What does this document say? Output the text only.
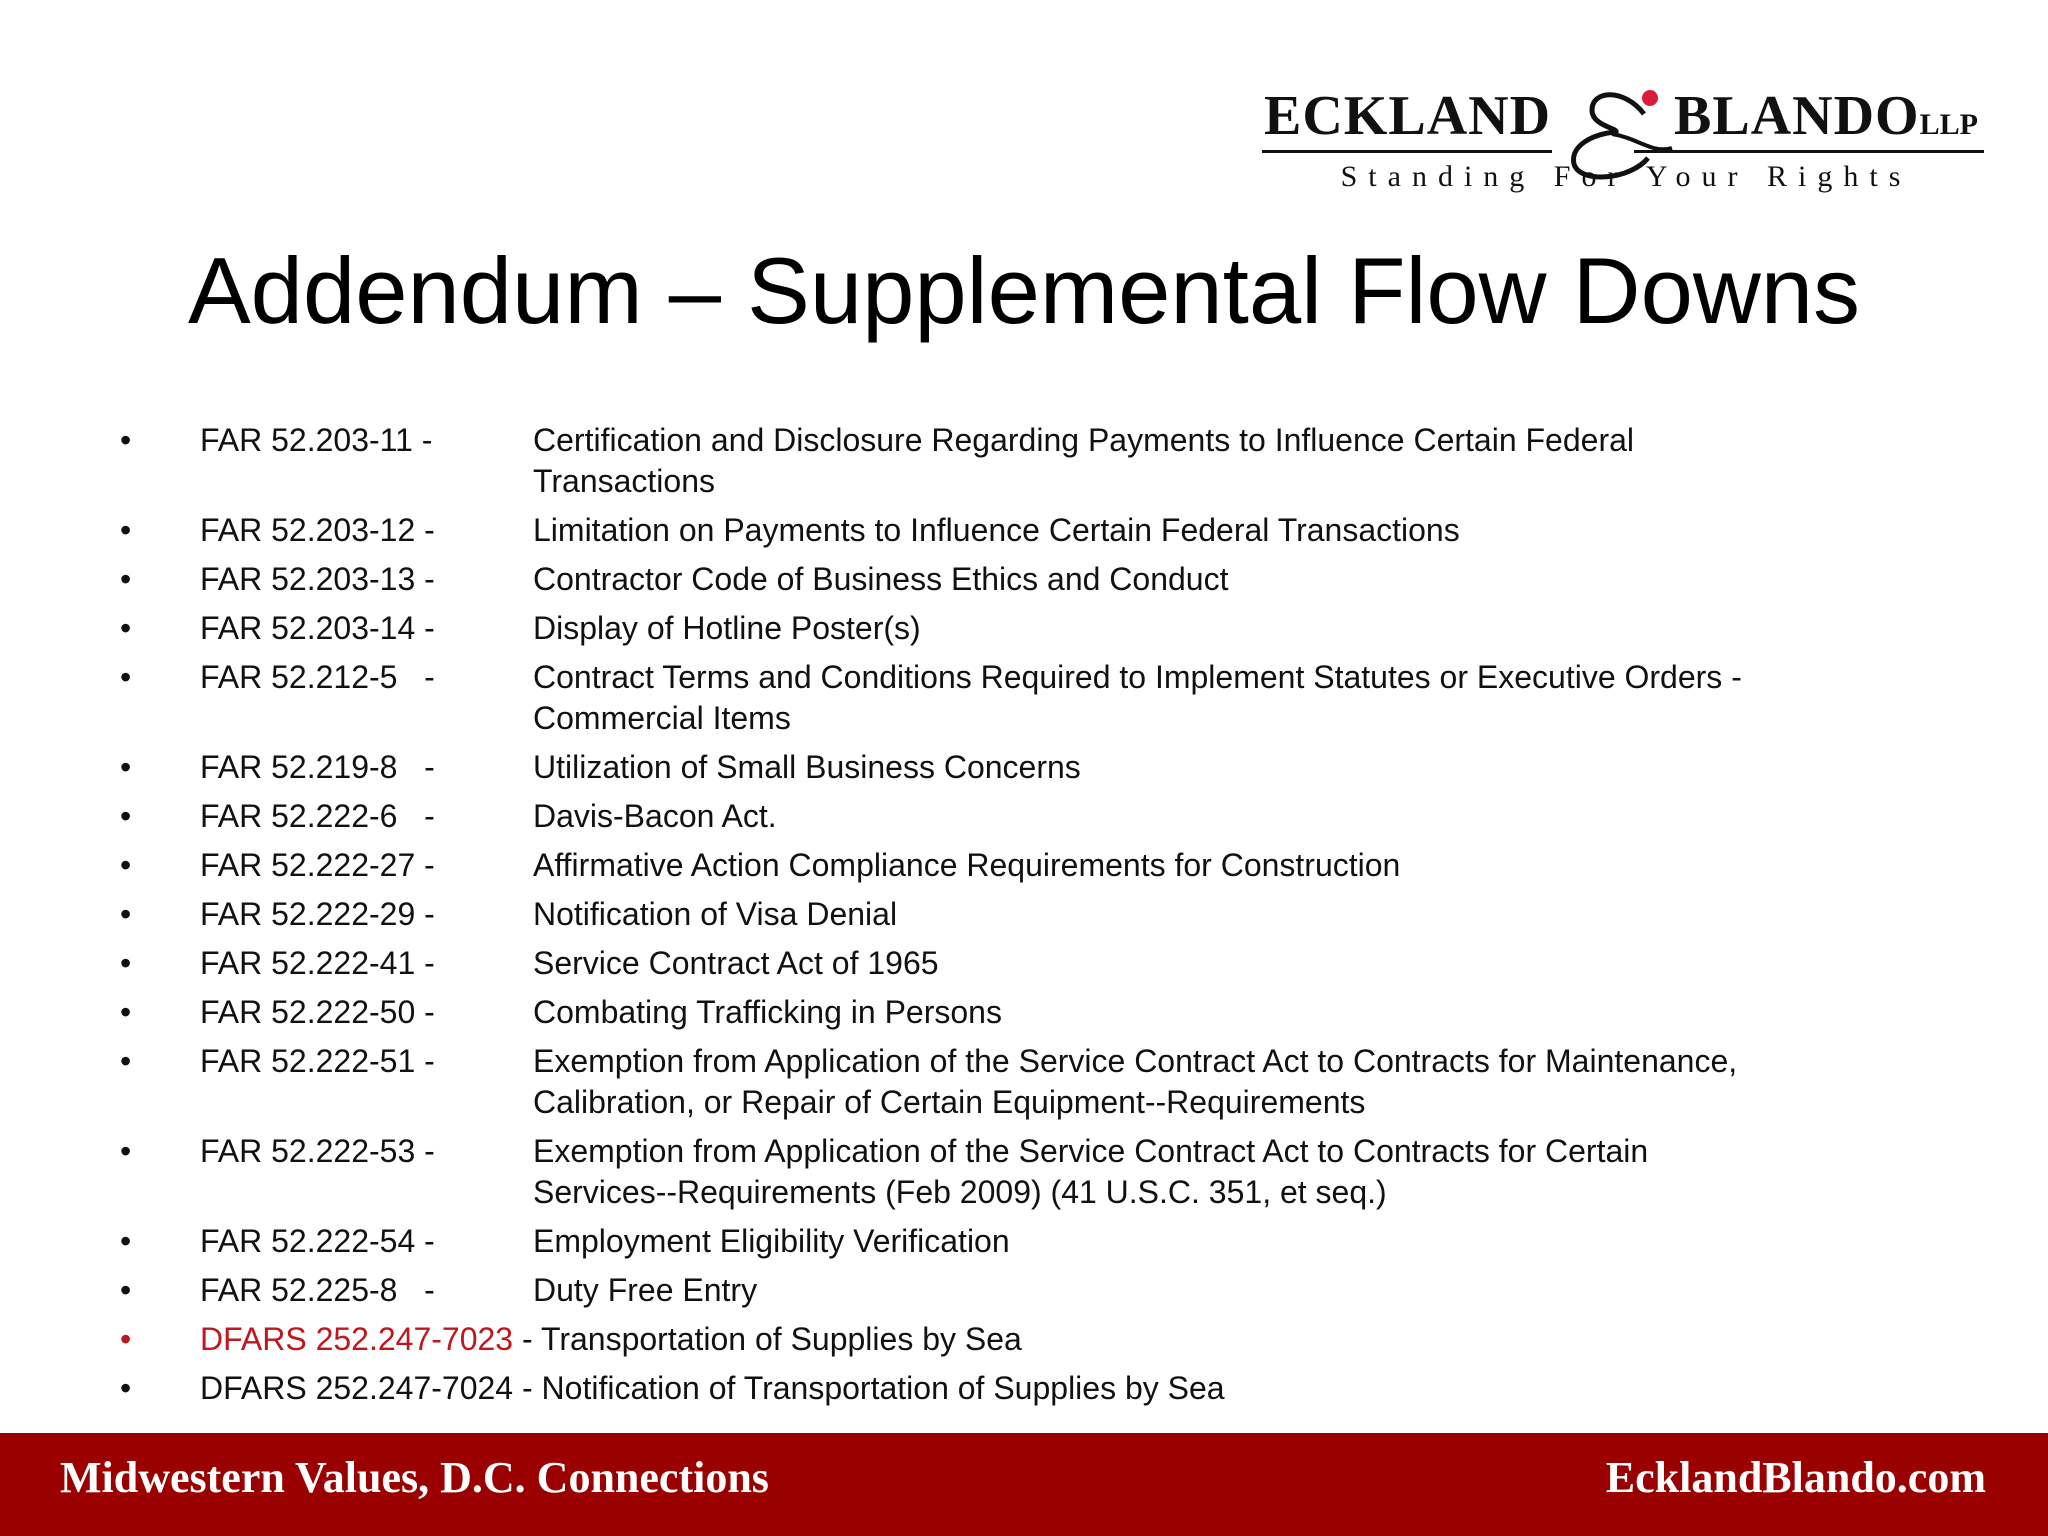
ECKLAND BLANDOLLP
Standing For Your Rights
Addendum – Supplemental Flow Downs
• FAR 52.203-11 -	Certification and Disclosure Regarding Payments to Influence Certain Federal Transactions
• FAR 52.203-12 -	Limitation on Payments to Influence Certain Federal Transactions
• FAR 52.203-13 -	Contractor Code of Business Ethics and Conduct
• FAR 52.203-14 -	Display of Hotline Poster(s)
• FAR 52.212-5   -	Contract Terms and Conditions Required to Implement Statutes or Executive Orders - Commercial Items
• FAR 52.219-8   -	Utilization of Small Business Concerns
• FAR 52.222-6   -	Davis-Bacon Act.
• FAR 52.222-27 -	Affirmative Action Compliance Requirements for Construction
• FAR 52.222-29 -	Notification of Visa Denial
• FAR 52.222-41 -	Service Contract Act of 1965
• FAR 52.222-50 -	Combating Trafficking in Persons
• FAR 52.222-51 -	Exemption from Application of the Service Contract Act to Contracts for Maintenance, Calibration, or Repair of Certain Equipment--Requirements
• FAR 52.222-53 -	Exemption from Application of the Service Contract Act to Contracts for Certain Services--Requirements (Feb 2009) (41 U.S.C. 351, et seq.)
• FAR 52.222-54 -	Employment Eligibility Verification
• FAR 52.225-8   -	Duty Free Entry
• DFARS 252.247-7023 - Transportation of Supplies by Sea
• DFARS 252.247-7024 - Notification of Transportation of Supplies by Sea
Midwestern Values, D.C. Connections	EcklandBlando.com
